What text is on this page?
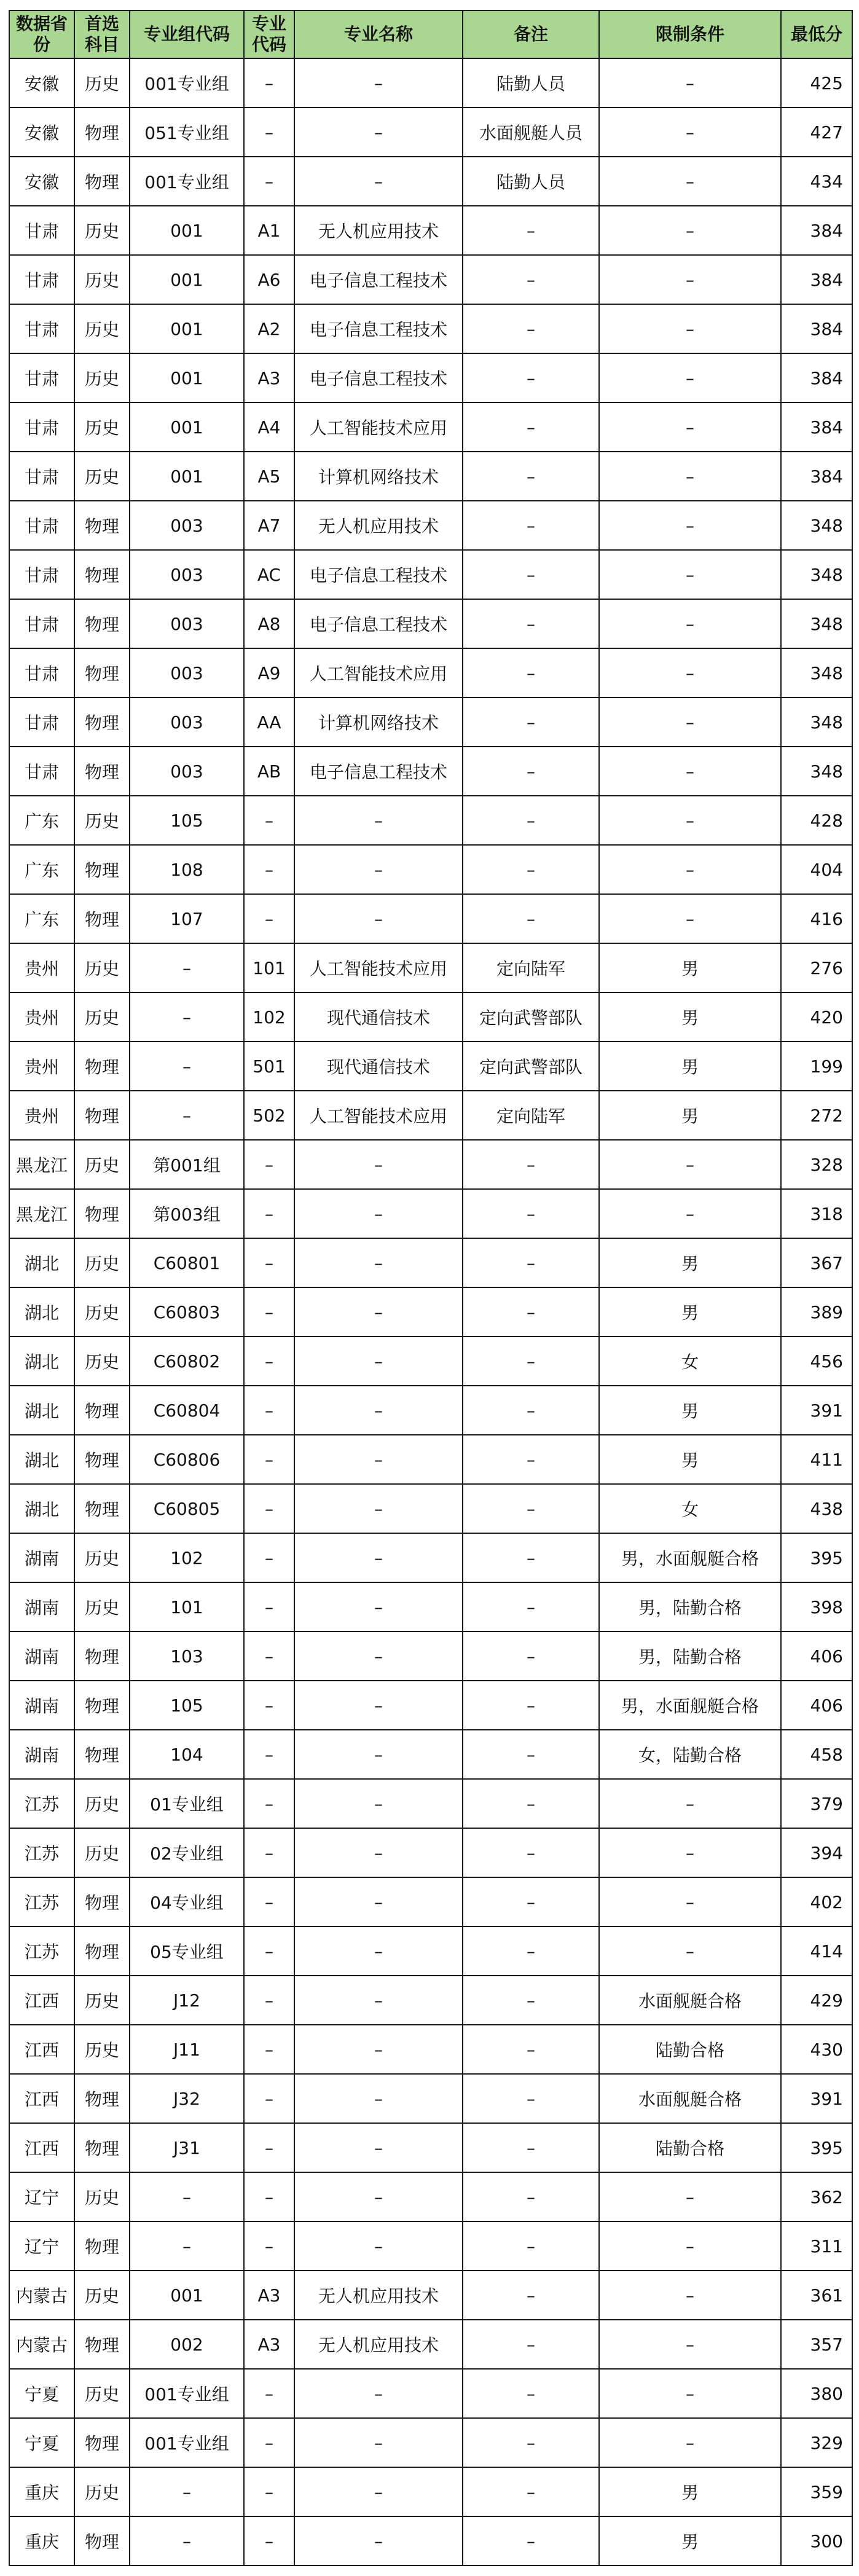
数据省份	首选科目	专业组代码	专业代码	专业名称	备注	限制条件	最低分
安徽	历史	001专业组	–	–	陆勤人员	–	425
安徽	物理	051专业组	–	–	水面舰艇人员	–	427
安徽	物理	001专业组	–	–	陆勤人员	–	434
甘肃	历史	001	A1	无人机应用技术	–	–	384
甘肃	历史	001	A6	电子信息工程技术	–	–	384
甘肃	历史	001	A2	电子信息工程技术	–	–	384
甘肃	历史	001	A3	电子信息工程技术	–	–	384
甘肃	历史	001	A4	人工智能技术应用	–	–	384
甘肃	历史	001	A5	计算机网络技术	–	–	384
甘肃	物理	003	A7	无人机应用技术	–	–	348
甘肃	物理	003	AC	电子信息工程技术	–	–	348
甘肃	物理	003	A8	电子信息工程技术	–	–	348
甘肃	物理	003	A9	人工智能技术应用	–	–	348
甘肃	物理	003	AA	计算机网络技术	–	–	348
甘肃	物理	003	AB	电子信息工程技术	–	–	348
广东	历史	105	–	–	–	–	428
广东	物理	108	–	–	–	–	404
广东	物理	107	–	–	–	–	416
贵州	历史	–	101	人工智能技术应用	定向陆军	男	276
贵州	历史	–	102	现代通信技术	定向武警部队	男	420
贵州	物理	–	501	现代通信技术	定向武警部队	男	199
贵州	物理	–	502	人工智能技术应用	定向陆军	男	272
黑龙江	历史	第001组	–	–	–	–	328
黑龙江	物理	第003组	–	–	–	–	318
湖北	历史	C60801	–	–	–	男	367
湖北	历史	C60803	–	–	–	男	389
湖北	历史	C60802	–	–	–	女	456
湖北	物理	C60804	–	–	–	男	391
湖北	物理	C60806	–	–	–	男	411
湖北	物理	C60805	–	–	–	女	438
湖南	历史	102	–	–	–	男，水面舰艇合格	395
湖南	历史	101	–	–	–	男，陆勤合格	398
湖南	物理	103	–	–	–	男，陆勤合格	406
湖南	物理	105	–	–	–	男，水面舰艇合格	406
湖南	物理	104	–	–	–	女，陆勤合格	458
江苏	历史	01专业组	–	–	–	–	379
江苏	历史	02专业组	–	–	–	–	394
江苏	物理	04专业组	–	–	–	–	402
江苏	物理	05专业组	–	–	–	–	414
江西	历史	J12	–	–	–	水面舰艇合格	429
江西	历史	J11	–	–	–	陆勤合格	430
江西	物理	J32	–	–	–	水面舰艇合格	391
江西	物理	J31	–	–	–	陆勤合格	395
辽宁	历史	–	–	–	–	–	362
辽宁	物理	–	–	–	–	–	311
内蒙古	历史	001	A3	无人机应用技术	–	–	361
内蒙古	物理	002	A3	无人机应用技术	–	–	357
宁夏	历史	001专业组	–	–	–	–	380
宁夏	物理	001专业组	–	–	–	–	329
重庆	历史	–	–	–	–	男	359
重庆	物理	–	–	–	–	男	300
